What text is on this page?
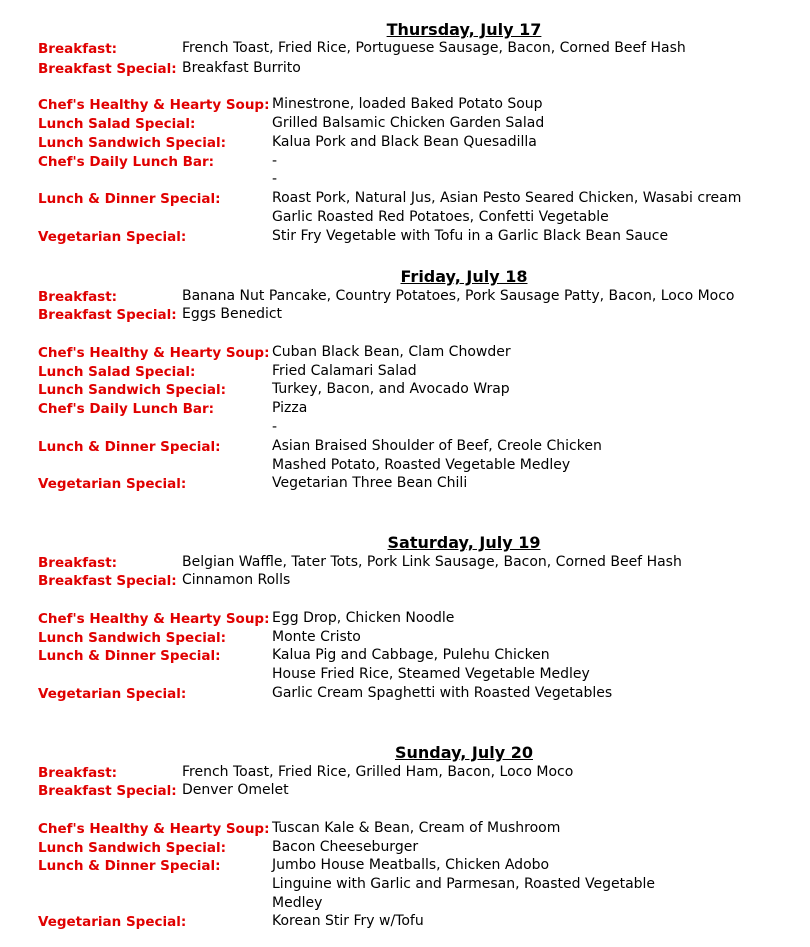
Thursday, July 17
Breakfast:	French Toast, Fried Rice, Portuguese Sausage, Bacon, Corned Beef Hash
Breakfast Special: Breakfast Burrito
Chef's Healthy & Hearty Soup: Minestrone, loaded Baked Potato Soup
Lunch Salad Special:	Grilled Balsamic Chicken Garden Salad
Lunch Sandwich Special:	Kalua Pork and Black Bean Quesadilla
Chef's Daily Lunch Bar:	-
-
Lunch & Dinner Special:	Roast Pork, Natural Jus, Asian Pesto Seared Chicken, Wasabi cream
Garlic Roasted Red Potatoes, Confetti Vegetable
Vegetarian Special:	Stir Fry Vegetable with Tofu in a Garlic Black Bean Sauce
Friday, July 18
Breakfast:	Banana Nut Pancake, Country Potatoes, Pork Sausage Patty, Bacon, Loco Moco
Breakfast Special: Eggs Benedict
Chef's Healthy & Hearty Soup: Cuban Black Bean, Clam Chowder
Lunch Salad Special:	Fried Calamari Salad
Lunch Sandwich Special:	Turkey, Bacon, and Avocado Wrap
Chef's Daily Lunch Bar:	Pizza
-
Lunch & Dinner Special:	Asian Braised Shoulder of Beef, Creole Chicken
Mashed Potato, Roasted Vegetable Medley
Vegetarian Special:	Vegetarian Three Bean Chili
Saturday, July 19
Breakfast:	Belgian Waffle, Tater Tots, Pork Link Sausage, Bacon, Corned Beef Hash
Breakfast Special: Cinnamon Rolls
Chef's Healthy & Hearty Soup: Egg Drop, Chicken Noodle
Lunch Sandwich Special:	Monte Cristo
Lunch & Dinner Special:	Kalua Pig and Cabbage, Pulehu Chicken
House Fried Rice, Steamed Vegetable Medley
Vegetarian Special:	Garlic Cream Spaghetti with Roasted Vegetables
Sunday, July 20
Breakfast:	French Toast, Fried Rice, Grilled Ham, Bacon, Loco Moco
Breakfast Special: Denver Omelet
Chef's Healthy & Hearty Soup: Tuscan Kale & Bean, Cream of Mushroom
Lunch Sandwich Special:	Bacon Cheeseburger
Lunch & Dinner Special:	Jumbo House Meatballs, Chicken Adobo
Linguine with Garlic and Parmesan, Roasted Vegetable
Medley
Vegetarian Special:	Korean Stir Fry w/Tofu
